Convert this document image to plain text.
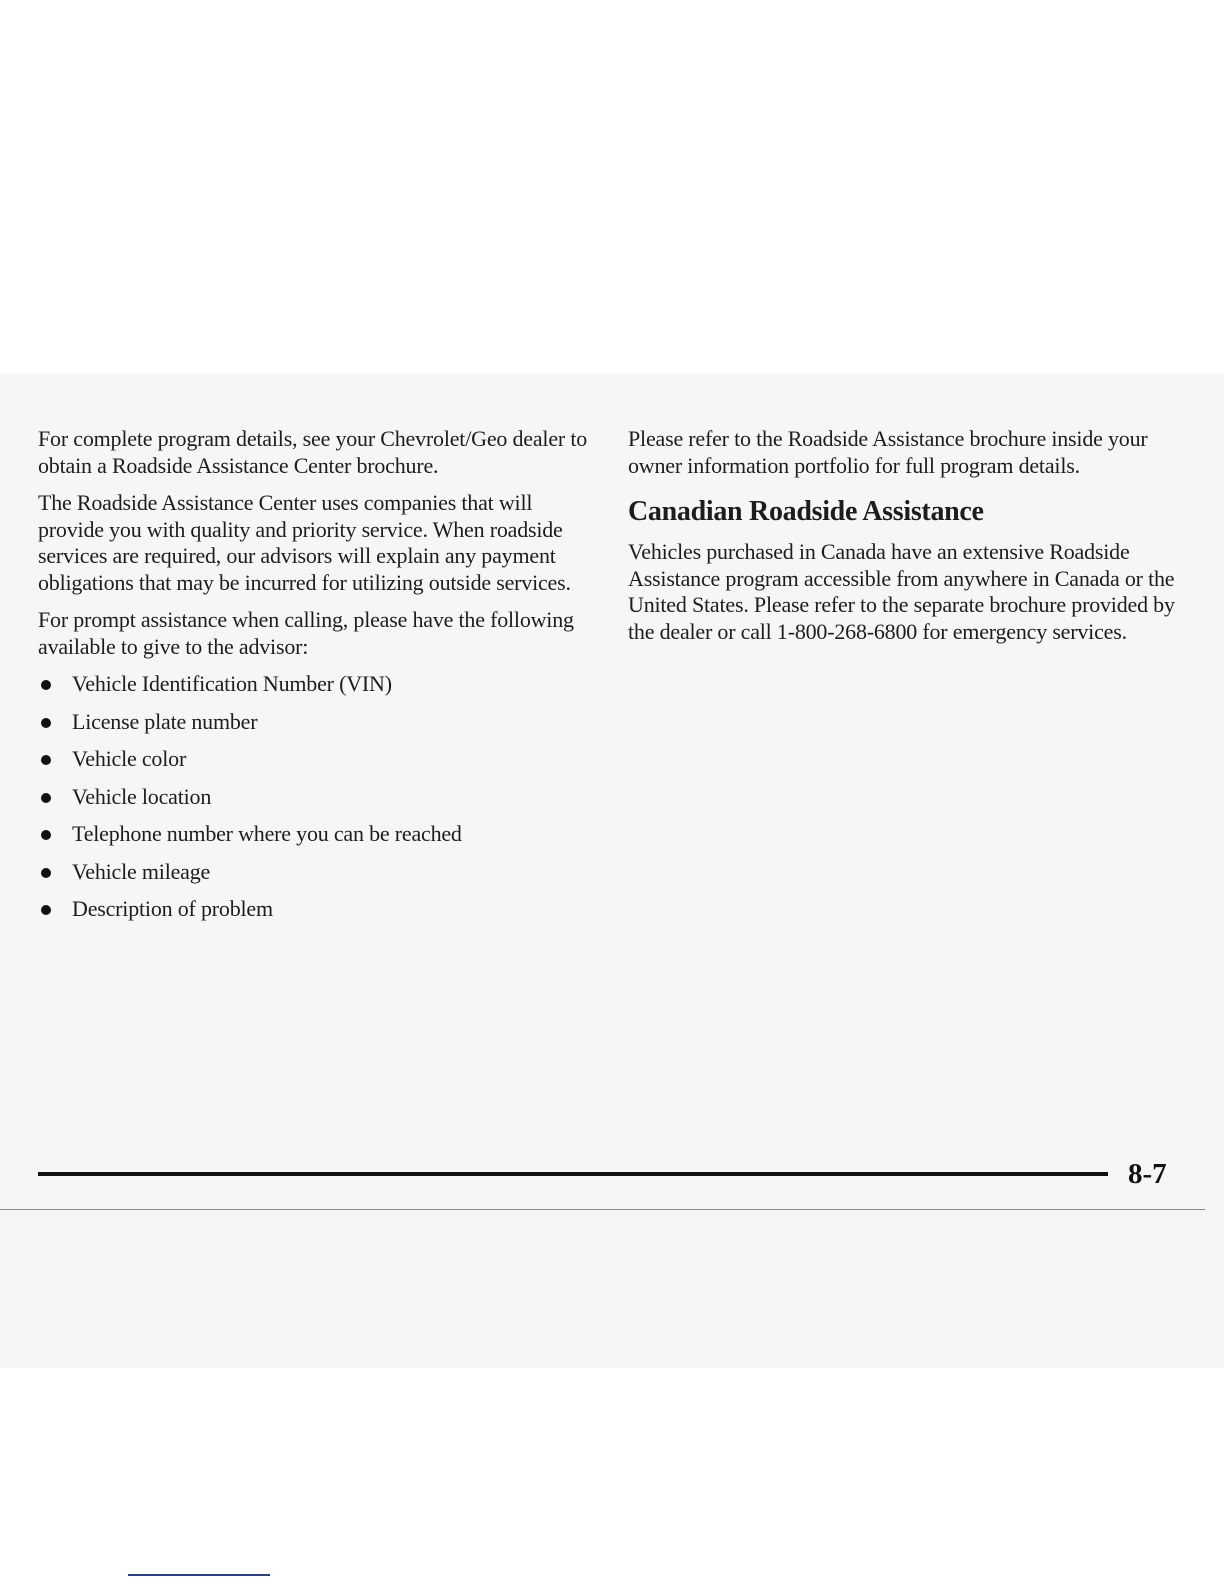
For complete program details, see your Chevrolet/Geo dealer to obtain a Roadside Assistance Center brochure.

The Roadside Assistance Center uses companies that will provide you with quality and priority service. When roadside services are required, our advisors will explain any payment obligations that may be incurred for utilizing outside services.

For prompt assistance when calling, please have the following available to give to the advisor:

Vehicle Identification Number (VIN)
License plate number
Vehicle color
Vehicle location
Telephone number where you can be reached
Vehicle mileage
Description of problem

Please refer to the Roadside Assistance brochure inside your owner information portfolio for full program details.

Canadian Roadside Assistance

Vehicles purchased in Canada have an extensive Roadside Assistance program accessible from anywhere in Canada or the United States. Please refer to the separate brochure provided by the dealer or call 1-800-268-6800 for emergency services.

8-7
